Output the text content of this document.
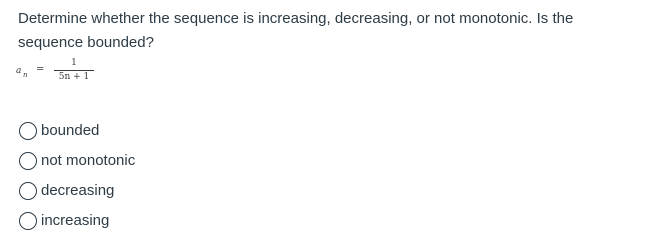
Determine whether the sequence is increasing, decreasing, or not monotonic. Is the sequence bounded?

a n =
1
5n + 1
bounded
not monotonic
decreasing
increasing
